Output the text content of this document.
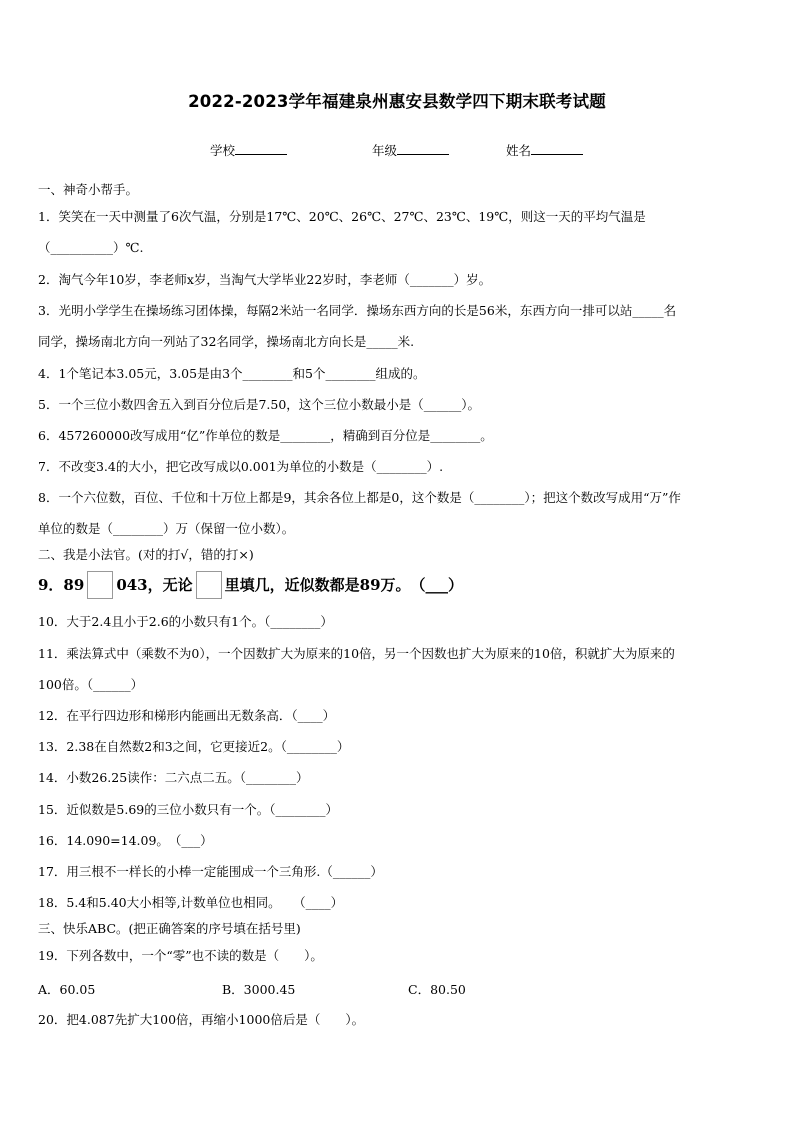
2022-2023学年福建泉州惠安县数学四下期末联考试题
学校	年级	姓名
一、神奇小帮手。
1．笑笑在一天中测量了6次气温，分别是17℃、20℃、26℃、27℃、23℃、19℃，则这一天的平均气温是
（__________）℃.
2．淘气今年10岁，李老师x岁，当淘气大学毕业22岁时，李老师（_______）岁。
3．光明小学学生在操场练习团体操，每隔2米站一名同学．操场东西方向的长是56米，东西方向一排可以站_____名
同学，操场南北方向一列站了32名同学，操场南北方向长是_____米.
4．1个笔记本3.05元，3.05是由3个________和5个________组成的。
5．一个三位小数四舍五入到百分位后是7.50，这个三位小数最小是（______）。
6．457260000改写成用“亿”作单位的数是________，精确到百分位是________。
7．不改变3.4的大小，把它改写成以0.001为单位的小数是（________）.
8．一个六位数，百位、千位和十万位上都是9，其余各位上都是0，这个数是（________）；把这个数改写成用“万”作
单位的数是（________）万（保留一位小数）。
二、我是小法官。(对的打√，错的打×)
9．89 043，无论 里填几，近似数都是89万。　（___）
10．大于2.4且小于2.6的小数只有1个。（________）
11．乘法算式中（乘数不为0），一个因数扩大为原来的10倍，另一个因数也扩大为原来的10倍，积就扩大为原来的
100倍。（______）
12．在平行四边形和梯形内能画出无数条高．（____）
13．2.38在自然数2和3之间，它更接近2。（________）
14．小数26.25读作：二六点二五。（________）
15．近似数是5.69的三位小数只有一个。（________）
16．14.090=14.09。　（___）
17．用三根不一样长的小棒一定能围成一个三角形.（______）
18．5.4和5.40大小相等,计数单位也相同。　　（____）
三、快乐ABC。(把正确答案的序号填在括号里)
19．下列各数中，一个“零”也不读的数是（　　）。
A．60.05	B．3000.45	C．80.50
20．把4.087先扩大100倍，再缩小1000倍后是（　　）。
